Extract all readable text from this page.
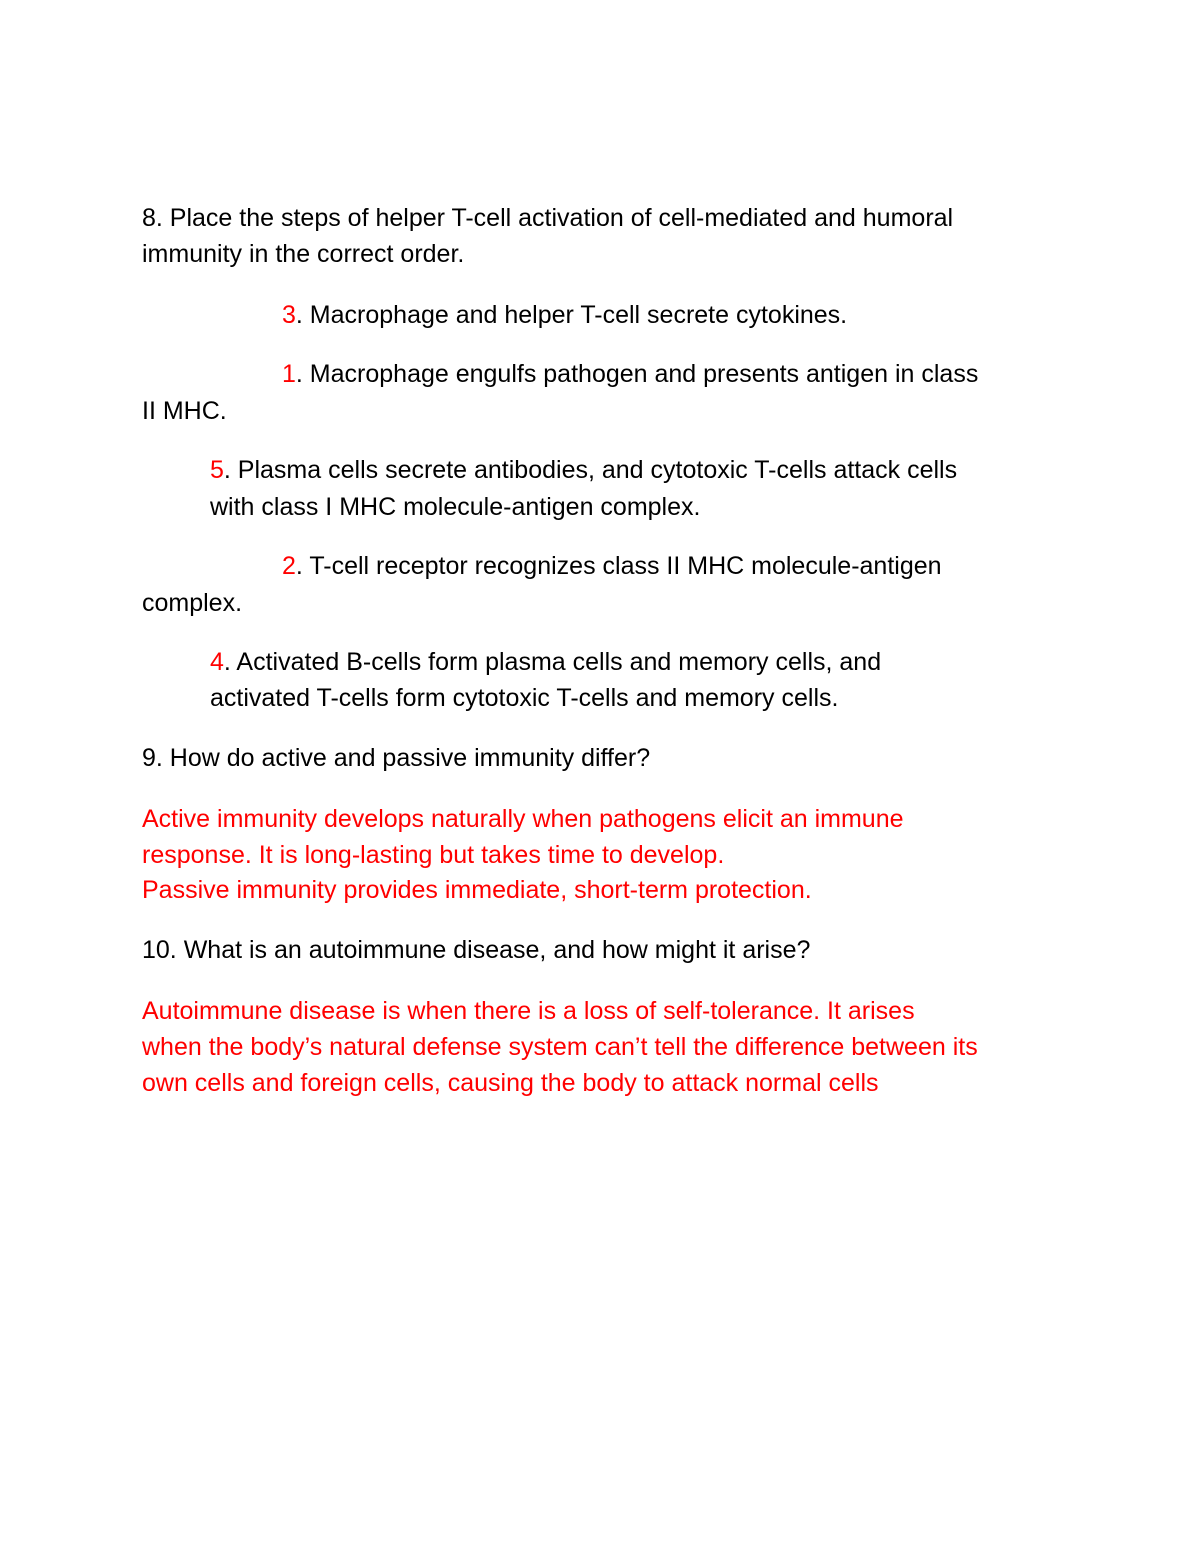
8. Place the steps of helper T-cell activation of cell-mediated and humoral
immunity in the correct order.
3. Macrophage and helper T-cell secrete cytokines.
1. Macrophage engulfs pathogen and presents antigen in class
II MHC.
5. Plasma cells secrete antibodies, and cytotoxic T-cells attack cells
with class I MHC molecule-antigen complex.
2. T-cell receptor recognizes class II MHC molecule-antigen
complex.
4. Activated B-cells form plasma cells and memory cells, and
activated T-cells form cytotoxic T-cells and memory cells.
9. How do active and passive immunity differ?
Active immunity develops naturally when pathogens elicit an immune
response. It is long-lasting but takes time to develop.
Passive immunity provides immediate, short-term protection.
10. What is an autoimmune disease, and how might it arise?
Autoimmune disease is when there is a loss of self-tolerance. It arises
when the body’s natural defense system can’t tell the difference between its
own cells and foreign cells, causing the body to attack normal cells
